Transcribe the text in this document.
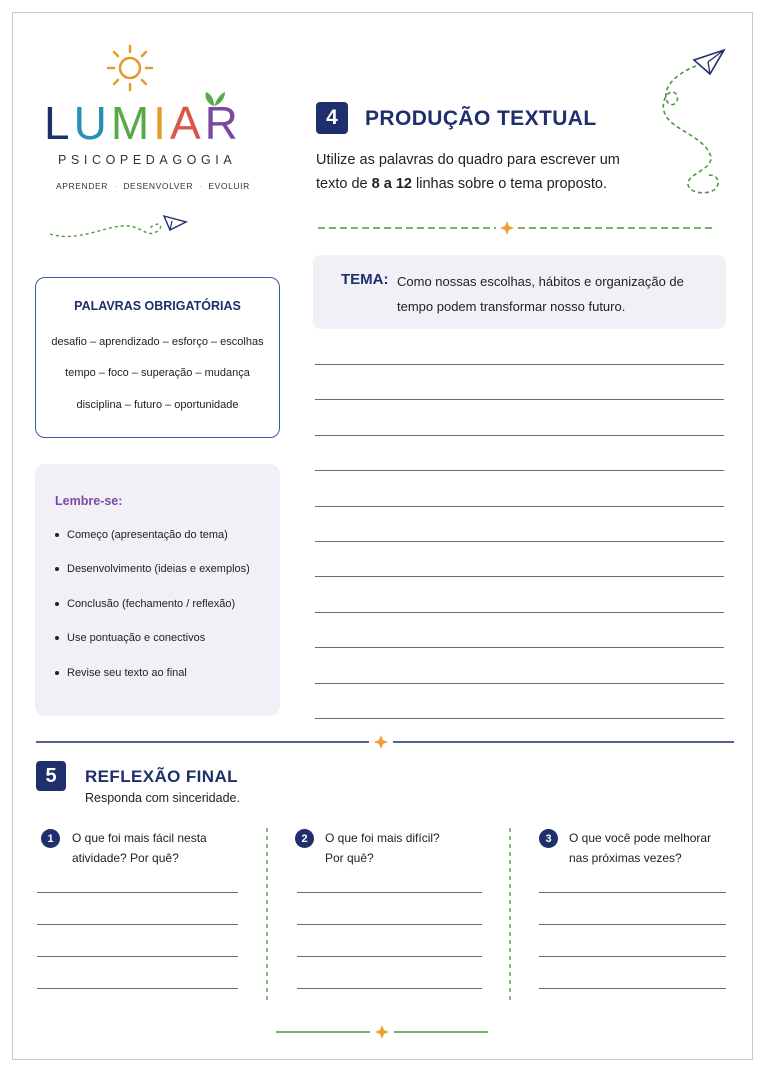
LUMIAR
PSICOPEDAGOGIA
APRENDER · DESENVOLVER · EVOLUIR
4	PRODUÇÃO TEXTUAL
Utilize as palavras do quadro para escrever um texto de 8 a 12 linhas sobre o tema proposto.
PALAVRAS OBRIGATÓRIAS
desafio – aprendizado – esforço – escolhas
tempo – foco – superação – mudança
disciplina – futuro – oportunidade
Lembre-se:
Começo (apresentação do tema)
Desenvolvimento (ideias e exemplos)
Conclusão (fechamento / reflexão)
Use pontuação e conectivos
Revise seu texto ao final
TEMA: Como nossas escolhas, hábitos e organização de tempo podem transformar nosso futuro.
5	REFLEXÃO FINAL
Responda com sinceridade.
1	O que foi mais fácil nesta
atividade? Por quê?
2	O que foi mais difícil?
Por quê?
3	O que você pode melhorar
nas próximas vezes?
